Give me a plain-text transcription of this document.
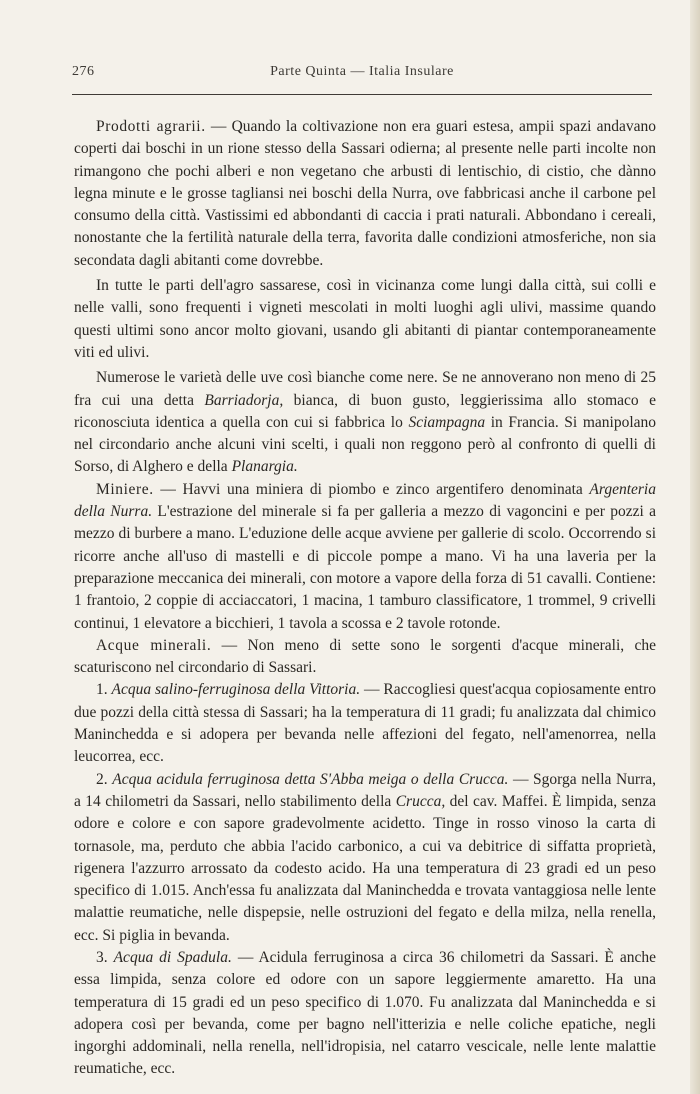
276	Parte Quinta — Italia Insulare

Prodotti agrarii. — Quando la coltivazione non era guari estesa, ampii spazi andavano coperti dai boschi in un rione stesso della Sassari odierna; al presente nelle parti incolte non rimangono che pochi alberi e non vegetano che arbusti di lentischio, di cistio, che dànno legna minute e le grosse tagliansi nei boschi della Nurra, ove fabbricasi anche il carbone pel consumo della città. Vastissimi ed abbondanti di caccia i prati naturali. Abbondano i cereali, nonostante che la fertilità naturale della terra, favorita dalle condizioni atmosferiche, non sia secondata dagli abitanti come dovrebbe.

In tutte le parti dell'agro sassarese, così in vicinanza come lungi dalla città, sui colli e nelle valli, sono frequenti i vigneti mescolati in molti luoghi agli ulivi, massime quando questi ultimi sono ancor molto giovani, usando gli abitanti di piantar contemporaneamente viti ed ulivi.

Numerose le varietà delle uve così bianche come nere. Se ne annoverano non meno di 25 fra cui una detta Barriadorja, bianca, di buon gusto, leggierissima allo stomaco e riconosciuta identica a quella con cui si fabbrica lo Sciampagna in Francia. Si manipolano nel circondario anche alcuni vini scelti, i quali non reggono però al confronto di quelli di Sorso, di Alghero e della Planargia.

Miniere. — Havvi una miniera di piombo e zinco argentifero denominata Argenteria della Nurra. L'estrazione del minerale si fa per galleria a mezzo di vagoncini e per pozzi a mezzo di burbere a mano. L'eduzione delle acque avviene per gallerie di scolo. Occorrendo si ricorre anche all'uso di mastelli e di piccole pompe a mano. Vi ha una laveria per la preparazione meccanica dei minerali, con motore a vapore della forza di 51 cavalli. Contiene: 1 frantoio, 2 coppie di acciaccatori, 1 macina, 1 tamburo classificatore, 1 trommel, 9 crivelli continui, 1 elevatore a bicchieri, 1 tavola a scossa e 2 tavole rotonde.

Acque minerali. — Non meno di sette sono le sorgenti d'acque minerali, che scaturiscono nel circondario di Sassari.

1. Acqua salino-ferruginosa della Vittoria. — Raccogliesi quest'acqua copiosamente entro due pozzi della città stessa di Sassari; ha la temperatura di 11 gradi; fu analizzata dal chimico Maninchedda e si adopera per bevanda nelle affezioni del fegato, nell'amenorrea, nella leucorrea, ecc.

2. Acqua acidula ferruginosa detta S'Abba meiga o della Crucca. — Sgorga nella Nurra, a 14 chilometri da Sassari, nello stabilimento della Crucca, del cav. Maffei. È limpida, senza odore e colore e con sapore gradevolmente acidetto. Tinge in rosso vinoso la carta di tornasole, ma, perduto che abbia l'acido carbonico, a cui va debitrice di siffatta proprietà, rigenera l'azzurro arrossato da codesto acido. Ha una temperatura di 23 gradi ed un peso specifico di 1.015. Anch'essa fu analizzata dal Maninchedda e trovata vantaggiosa nelle lente malattie reumatiche, nelle dispepsie, nelle ostruzioni del fegato e della milza, nella renella, ecc. Si piglia in bevanda.

3. Acqua di Spadula. — Acidula ferruginosa a circa 36 chilometri da Sassari. È anche essa limpida, senza colore ed odore con un sapore leggiermente amaretto. Ha una temperatura di 15 gradi ed un peso specifico di 1.070. Fu analizzata dal Maninchedda e si adopera così per bevanda, come per bagno nell'itterizia e nelle coliche epatiche, negli ingorghi addominali, nella renella, nell'idropisia, nel catarro vescicale, nelle lente malattie reumatiche, ecc.
